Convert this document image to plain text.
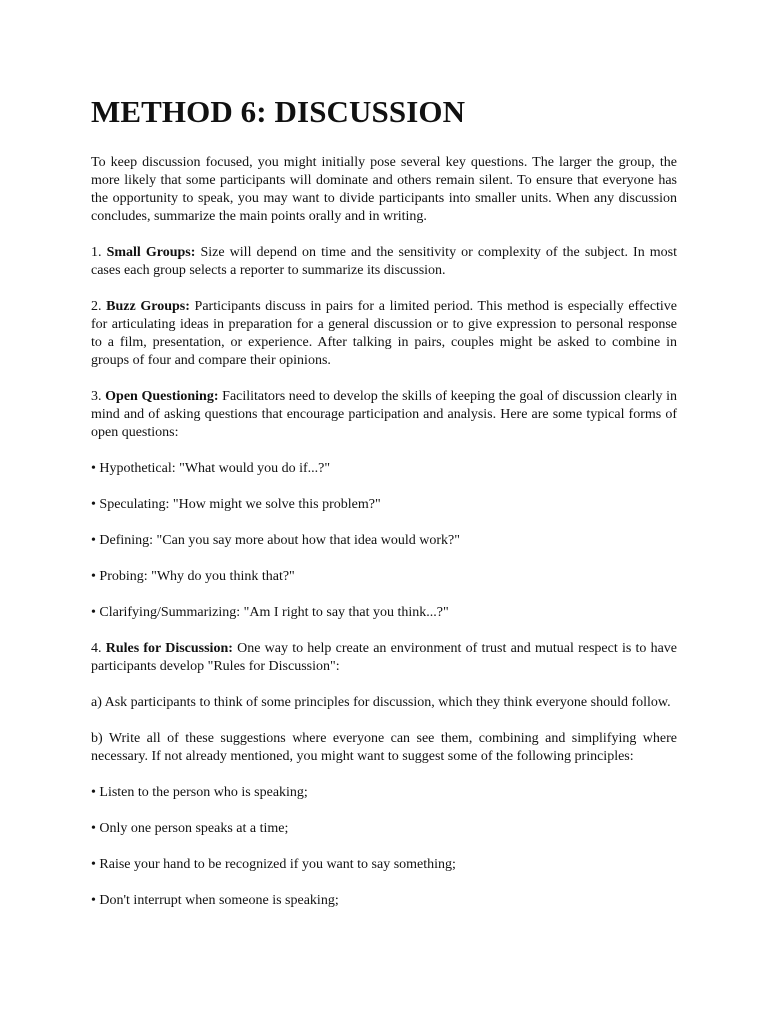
METHOD 6: DISCUSSION

To keep discussion focused, you might initially pose several key questions. The larger the group, the more likely that some participants will dominate and others remain silent. To ensure that everyone has the opportunity to speak, you may want to divide participants into smaller units. When any discussion concludes, summarize the main points orally and in writing.

1. Small Groups: Size will depend on time and the sensitivity or complexity of the subject. In most cases each group selects a reporter to summarize its discussion.

2. Buzz Groups: Participants discuss in pairs for a limited period. This method is especially effective for articulating ideas in preparation for a general discussion or to give expression to personal response to a film, presentation, or experience. After talking in pairs, couples might be asked to combine in groups of four and compare their opinions.

3. Open Questioning: Facilitators need to develop the skills of keeping the goal of discussion clearly in mind and of asking questions that encourage participation and analysis. Here are some typical forms of open questions:

• Hypothetical: "What would you do if...?"

• Speculating: "How might we solve this problem?"

• Defining: "Can you say more about how that idea would work?"

• Probing: "Why do you think that?"

• Clarifying/Summarizing: "Am I right to say that you think...?"

4. Rules for Discussion: One way to help create an environment of trust and mutual respect is to have participants develop "Rules for Discussion":

a) Ask participants to think of some principles for discussion, which they think everyone should follow.

b) Write all of these suggestions where everyone can see them, combining and simplifying where necessary. If not already mentioned, you might want to suggest some of the following principles:

• Listen to the person who is speaking;

• Only one person speaks at a time;

• Raise your hand to be recognized if you want to say something;

• Don't interrupt when someone is speaking;
